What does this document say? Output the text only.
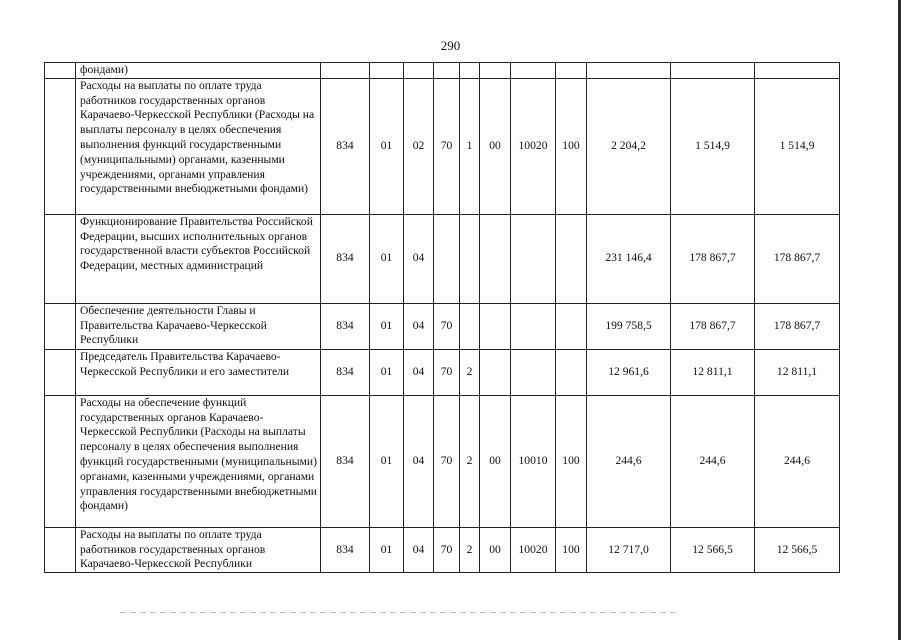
290
	фондами)											
	Расходы на выплаты по оплате труда работников государственных органов Карачаево-Черкесской Республики (Расходы на выплаты персоналу в целях обеспечения выполнения функций государственными (муниципальными) органами, казенными учреждениями, органами управления государственными внебюджетными фондами)	834	01	02	70	1	00	10020	100	2 204,2	1 514,9	1 514,9
	Функционирование Правительства Российской Федерации, высших исполнительных органов государственной власти субъектов Российской Федерации, местных администраций	834	01	04						231 146,4	178 867,7	178 867,7
	Обеспечение деятельности Главы и Правительства Карачаево-Черкесской Республики	834	01	04	70					199 758,5	178 867,7	178 867,7
	Председатель Правительства Карачаево-Черкесской Республики и его заместители	834	01	04	70	2				12 961,6	12 811,1	12 811,1
	Расходы на обеспечение функций государственных органов Карачаево-Черкесской Республики (Расходы на выплаты персоналу в целях обеспечения выполнения функций государственными (муниципальными) органами, казенными учреждениями, органами управления государственными внебюджетными фондами)	834	01	04	70	2	00	10010	100	244,6	244,6	244,6
	Расходы на выплаты по оплате труда работников государственных органов Карачаево-Черкесской Республики	834	01	04	70	2	00	10020	100	12 717,0	12 566,5	12 566,5
